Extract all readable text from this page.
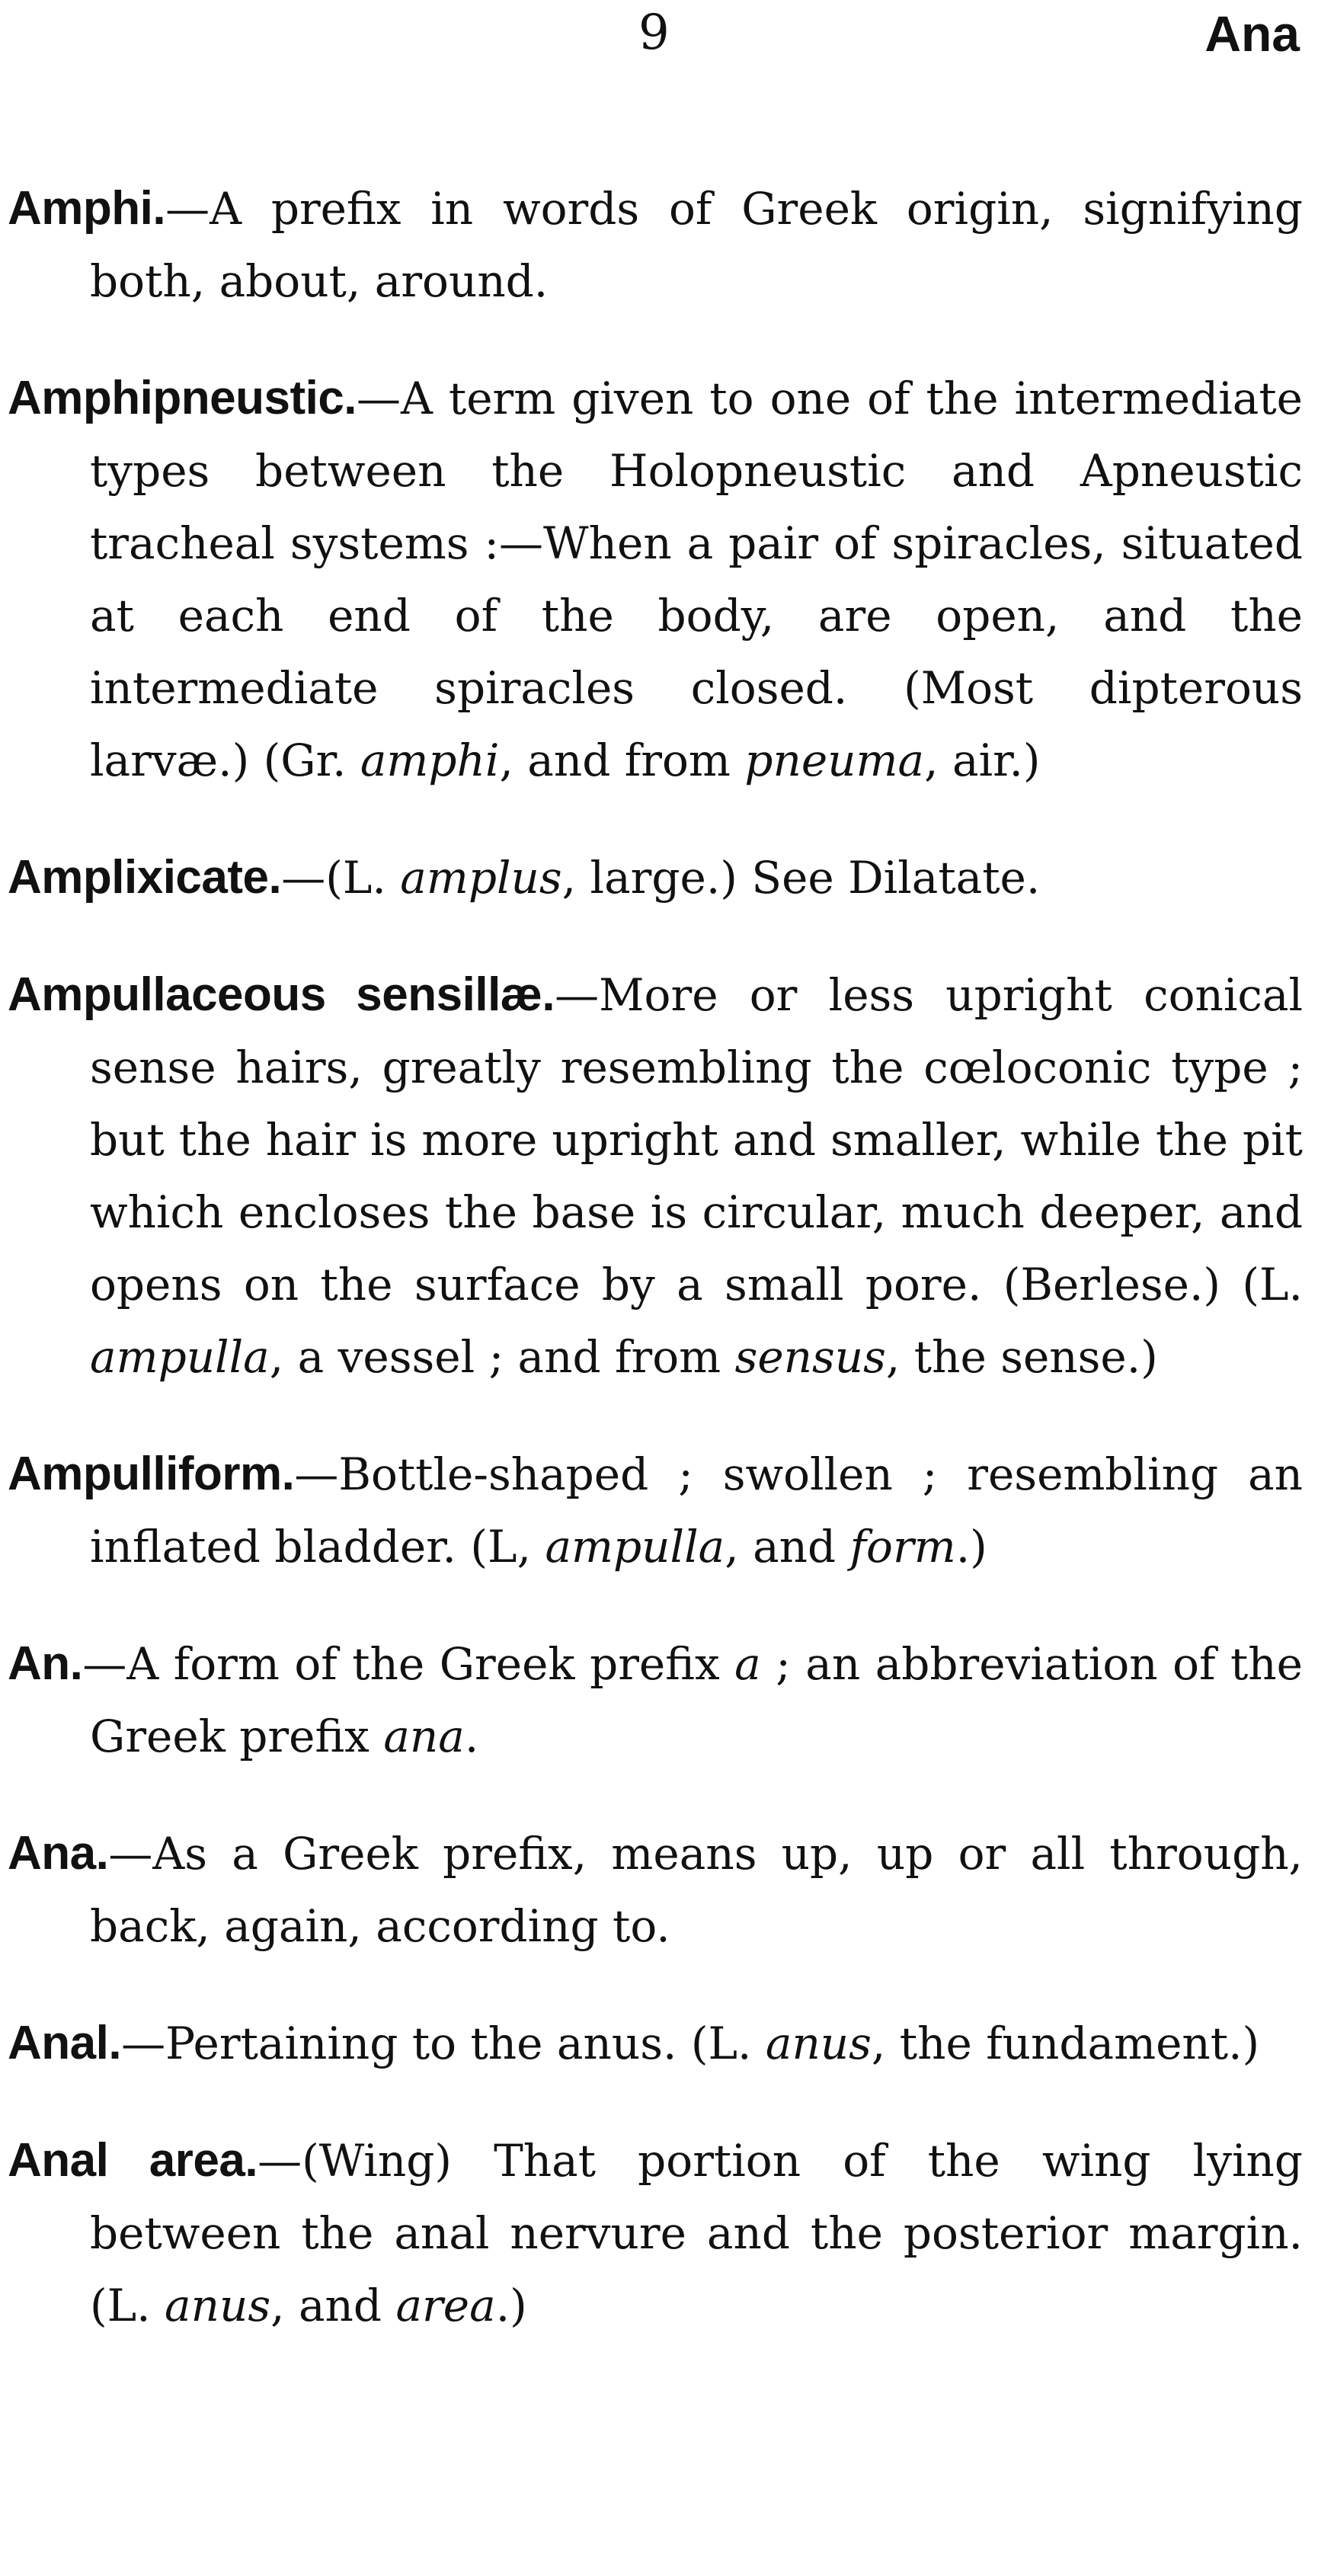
9	Ana

Amphi.—A prefix in words of Greek origin, signifying both, about, around.

Amphipneustic.—A term given to one of the intermediate types between the Holopneustic and Apneustic tracheal systems :—When a pair of spiracles, situated at each end of the body, are open, and the intermediate spiracles closed. (Most dipterous larvæ.) (Gr. amphi, and from pneuma, air.)

Amplixicate.—(L. amplus, large.) See Dilatate.

Ampullaceous sensillæ.—More or less upright conical sense hairs, greatly resembling the cœloconic type ; but the hair is more upright and smaller, while the pit which encloses the base is circular, much deeper, and opens on the surface by a small pore. (Berlese.) (L. ampulla, a vessel ; and from sensus, the sense.)

Ampulliform.—Bottle-shaped ; swollen ; resembling an inflated bladder. (L, ampulla, and form.)

An.—A form of the Greek prefix a ; an abbreviation of the Greek prefix ana.

Ana.—As a Greek prefix, means up, up or all through, back, again, according to.

Anal.—Pertaining to the anus. (L. anus, the fundament.)

Anal area.—(Wing) That portion of the wing lying between the anal nervure and the posterior margin. (L. anus, and area.)
